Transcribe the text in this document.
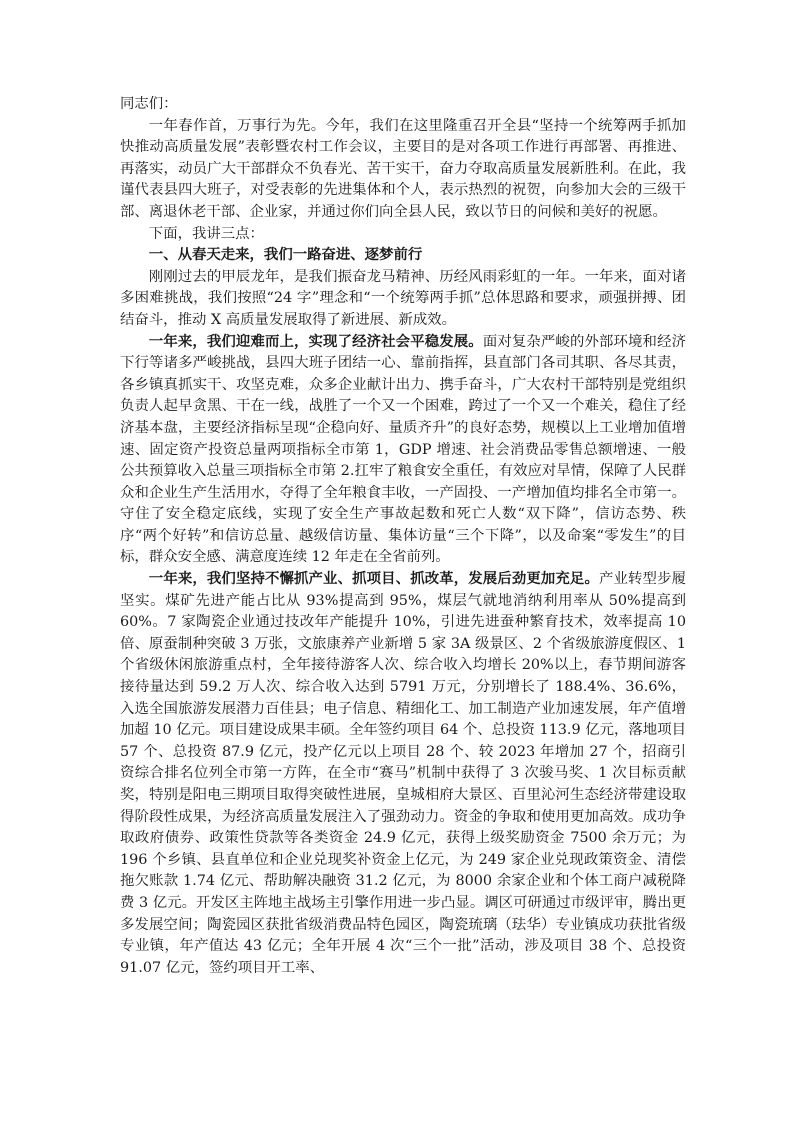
同志们：

一年春作首，万事行为先。今年，我们在这里隆重召开全县“坚持一个统筹两手抓加快推动高质量发展”表彰暨农村工作会议，主要目的是对各项工作进行再部署、再推进、再落实，动员广大干部群众不负春光、苦干实干，奋力夺取高质量发展新胜利。在此，我谨代表县四大班子，对受表彰的先进集体和个人，表示热烈的祝贺，向参加大会的三级干部、离退休老干部、企业家，并通过你们向全县人民，致以节日的问候和美好的祝愿。

下面，我讲三点：

一、从春天走来，我们一路奋进、逐梦前行

刚刚过去的甲辰龙年，是我们振奋龙马精神、历经风雨彩虹的一年。一年来，面对诸多困难挑战，我们按照“24 字”理念和“一个统筹两手抓”总体思路和要求，顽强拼搏、团结奋斗，推动 X 高质量发展取得了新进展、新成效。

一年来，我们迎难而上，实现了经济社会平稳发展。面对复杂严峻的外部环境和经济下行等诸多严峻挑战，县四大班子团结一心、靠前指挥，县直部门各司其职、各尽其责，各乡镇真抓实干、攻坚克难，众多企业献计出力、携手奋斗，广大农村干部特别是党组织负责人起早贪黑、干在一线，战胜了一个又一个困难，跨过了一个又一个难关，稳住了经济基本盘，主要经济指标呈现“企稳向好、量质齐升”的良好态势，规模以上工业增加值增速、固定资产投资总量两项指标全市第 1，GDP 增速、社会消费品零售总额增速、一般公共预算收入总量三项指标全市第 2.扛牢了粮食安全重任，有效应对旱情，保障了人民群众和企业生产生活用水，夺得了全年粮食丰收，一产固投、一产增加值均排名全市第一。守住了安全稳定底线，实现了安全生产事故起数和死亡人数“双下降”，信访态势、秩序“两个好转”和信访总量、越级信访量、集体访量“三个下降”，以及命案“零发生”的目标，群众安全感、满意度连续 12 年走在全省前列。

一年来，我们坚持不懈抓产业、抓项目、抓改革，发展后劲更加充足。产业转型步履坚实。煤矿先进产能占比从 93%提高到 95%，煤层气就地消纳利用率从 50%提高到 60%。7 家陶瓷企业通过技改年产能提升 10%，引进先进蚕种繁育技术，效率提高 10 倍、原蚕制种突破 3 万张，文旅康养产业新增 5 家 3A 级景区、2 个省级旅游度假区、1 个省级休闲旅游重点村，全年接待游客人次、综合收入均增长 20%以上，春节期间游客接待量达到 59.2 万人次、综合收入达到 5791 万元，分别增长了 188.4%、36.6%，入选全国旅游发展潜力百佳县；电子信息、精细化工、加工制造产业加速发展，年产值增加超 10 亿元。项目建设成果丰硕。全年签约项目 64 个、总投资 113.9 亿元，落地项目 57 个、总投资 87.9 亿元，投产亿元以上项目 28 个、较 2023 年增加 27 个，招商引资综合排名位列全市第一方阵，在全市“赛马”机制中获得了 3 次骏马奖、1 次目标贡献奖，特别是阳电三期项目取得突破性进展，皇城相府大景区、百里沁河生态经济带建设取得阶段性成果，为经济高质量发展注入了强劲动力。资金的争取和使用更加高效。成功争取政府债券、政策性贷款等各类资金 24.9 亿元，获得上级奖励资金 7500 余万元；为 196 个乡镇、县直单位和企业兑现奖补资金上亿元，为 249 家企业兑现政策资金、清偿拖欠账款 1.74 亿元、帮助解决融资 31.2 亿元，为 8000 余家企业和个体工商户减税降费 3 亿元。开发区主阵地主战场主引擎作用进一步凸显。调区可研通过市级评审，腾出更多发展空间；陶瓷园区获批省级消费品特色园区，陶瓷琉璃（珐华）专业镇成功获批省级专业镇，年产值达 43 亿元；全年开展 4 次“三个一批”活动，涉及项目 38 个、总投资 91.07 亿元，签约项目开工率、
